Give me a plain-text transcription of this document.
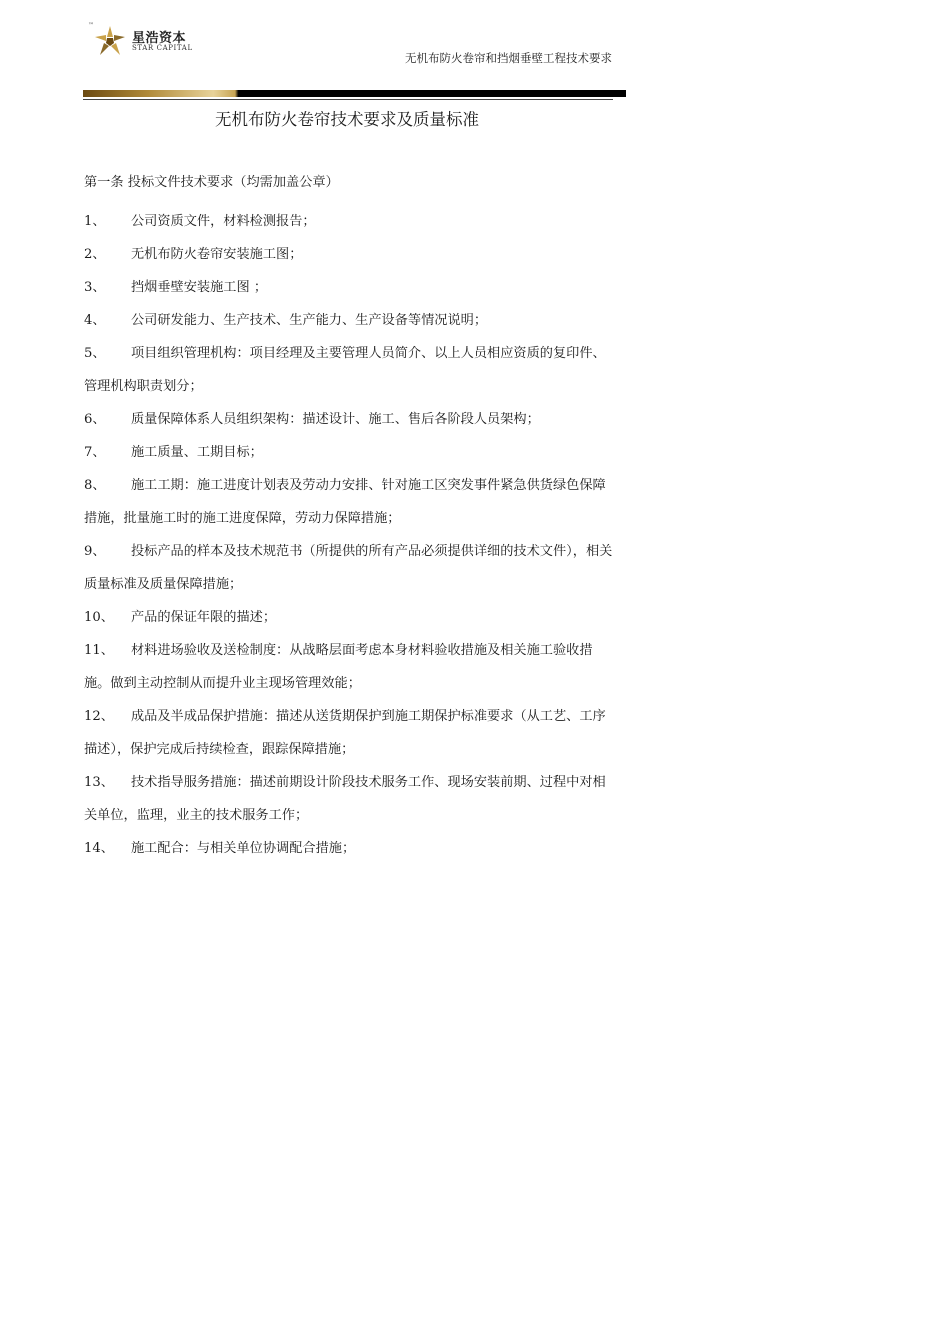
™
星浩资本
STAR CAPITAL
无机布防火卷帘和挡烟垂壁工程技术要求
无机布防火卷帘技术要求及质量标准
第一条 投标文件技术要求（均需加盖公章）
1、 公司资质文件，材料检测报告；
2、 无机布防火卷帘安装施工图；
3、 挡烟垂壁安装施工图 ；
4、 公司研发能力、生产技术、生产能力、生产设备等情况说明；
5、 项目组织管理机构：项目经理及主要管理人员简介、以上人员相应资质的复印件、管理机构职责划分；
6、 质量保障体系人员组织架构：描述设计、施工、售后各阶段人员架构；
7、 施工质量、工期目标；
8、 施工工期：施工进度计划表及劳动力安排、针对施工区突发事件紧急供货绿色保障措施，批量施工时的施工进度保障，劳动力保障措施；
9、 投标产品的样本及技术规范书（所提供的所有产品必须提供详细的技术文件），相关质量标准及质量保障措施；
10、 产品的保证年限的描述；
11、 材料进场验收及送检制度：从战略层面考虑本身材料验收措施及相关施工验收措施。做到主动控制从而提升业主现场管理效能；
12、 成品及半成品保护措施：描述从送货期保护到施工期保护标准要求（从工艺、工序描述），保护完成后持续检查，跟踪保障措施；
13、 技术指导服务措施：描述前期设计阶段技术服务工作、现场安装前期、过程中对相关单位，监理，业主的技术服务工作；
14、 施工配合：与相关单位协调配合措施；
